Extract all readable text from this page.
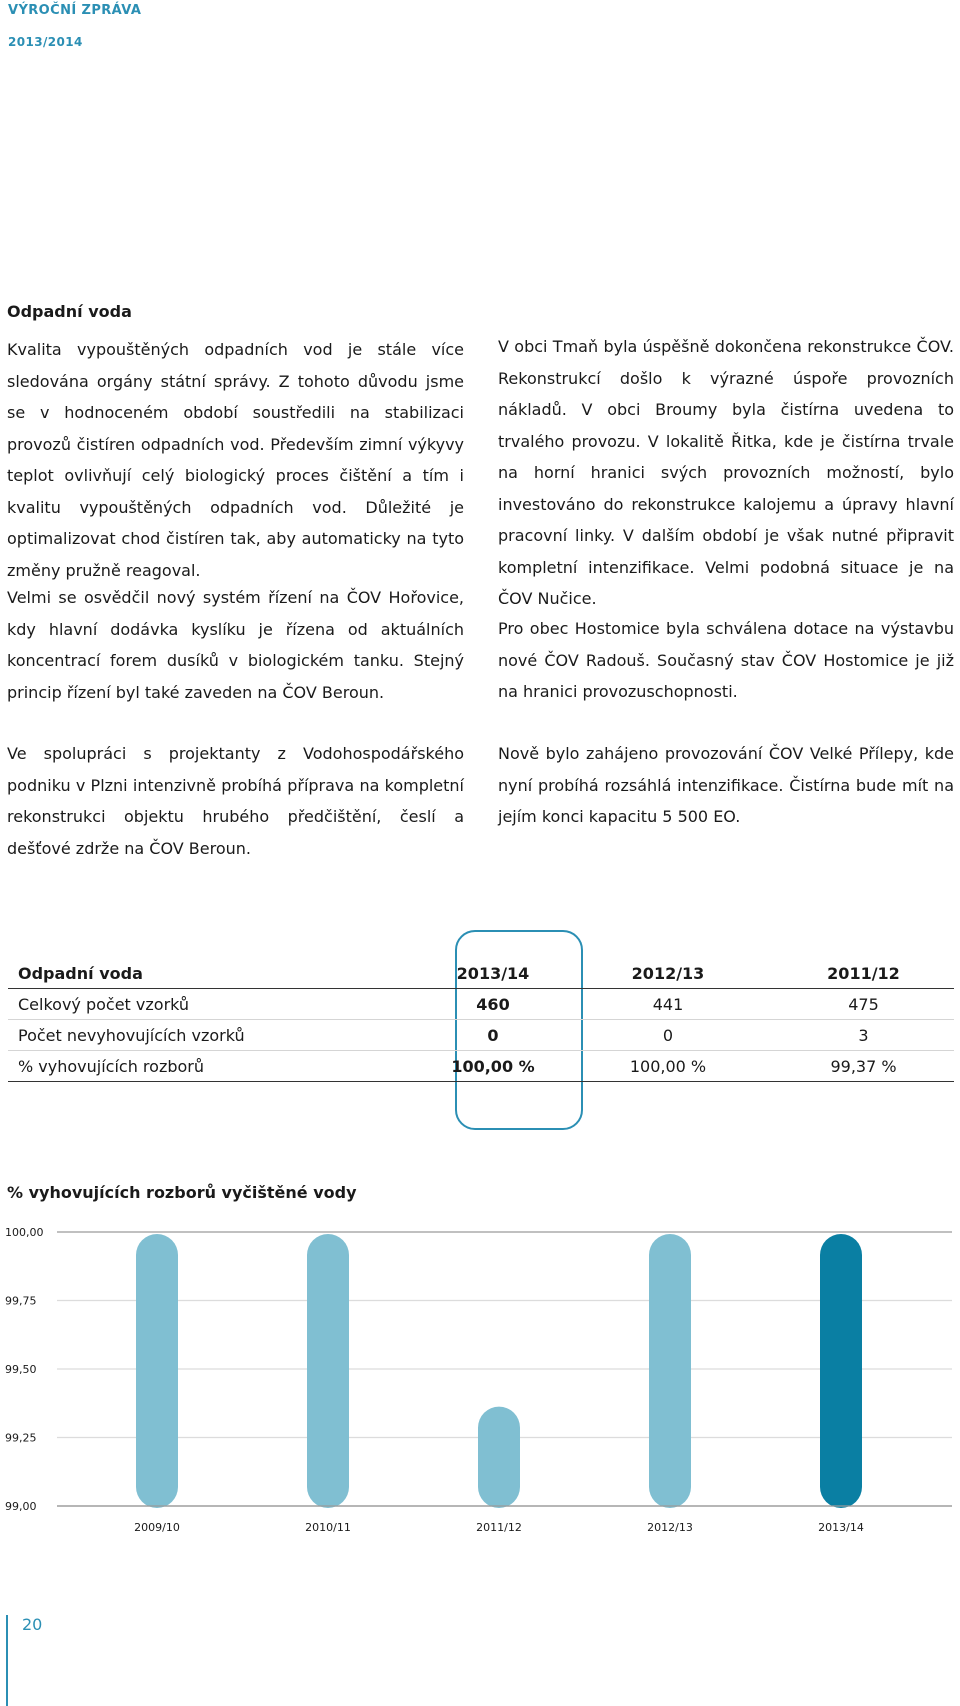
VÝROČNÍ ZPRÁVA
2013/2014
Odpadní voda

Kvalita vypouštěných odpadních vod je stále více sledována orgány státní správy. Z tohoto důvodu jsme se v hodnoceném období soustředili na stabilizaci provozů čistíren odpadních vod. Především zimní výkyvy teplot ovlivňují celý biologický proces čištění a tím i kvalitu vypouštěných odpadních vod. Důležité je optimalizovat chod čistíren tak, aby automaticky na tyto změny pružně reagoval.

Velmi se osvědčil nový systém řízení na ČOV Hořovice, kdy hlavní dodávka kyslíku je řízena od aktuálních koncentrací forem dusíků v biologickém tanku. Stejný princip řízení byl také zaveden na ČOV Beroun.

Ve spolupráci s projektanty z Vodohospodářského podniku v Plzni intenzivně probíhá příprava na kompletní rekonstrukci objektu hrubého předčištění, česlí a dešťové zdrže na ČOV Beroun.

V obci Tmaň byla úspěšně dokončena rekonstrukce ČOV. Rekonstrukcí došlo k výrazné úspoře provozních nákladů. V obci Broumy byla čistírna uvedena to trvalého provozu. V lokalitě Řitka, kde je čistírna trvale na horní hranici svých provozních možností, bylo investováno do rekonstrukce kalojemu a úpravy hlavní pracovní linky. V dalším období je však nutné připravit kompletní intenzifikace. Velmi podobná situace je na ČOV Nučice.

Pro obec Hostomice byla schválena dotace na výstavbu nové ČOV Radouš. Současný stav ČOV Hostomice je již na hranici provozuschopnosti.

Nově bylo zahájeno provozování ČOV Velké Přílepy, kde nyní probíhá rozsáhlá intenzifikace. Čistírna bude mít na jejím konci kapacitu 5 500 EO.

Odpadní voda	2013/14	2012/13	2011/12
Celkový počet vzorků	460	441	475
Počet nevyhovujících vzorků	0	0	3
% vyhovujících rozborů	100,00 %	100,00 %	99,37 %
% vyhovujících rozborů vyčištěné vody
100,00
99,75
99,50
99,25
99,00
2009/10	2010/11	2011/12	2012/13	2013/14
20
